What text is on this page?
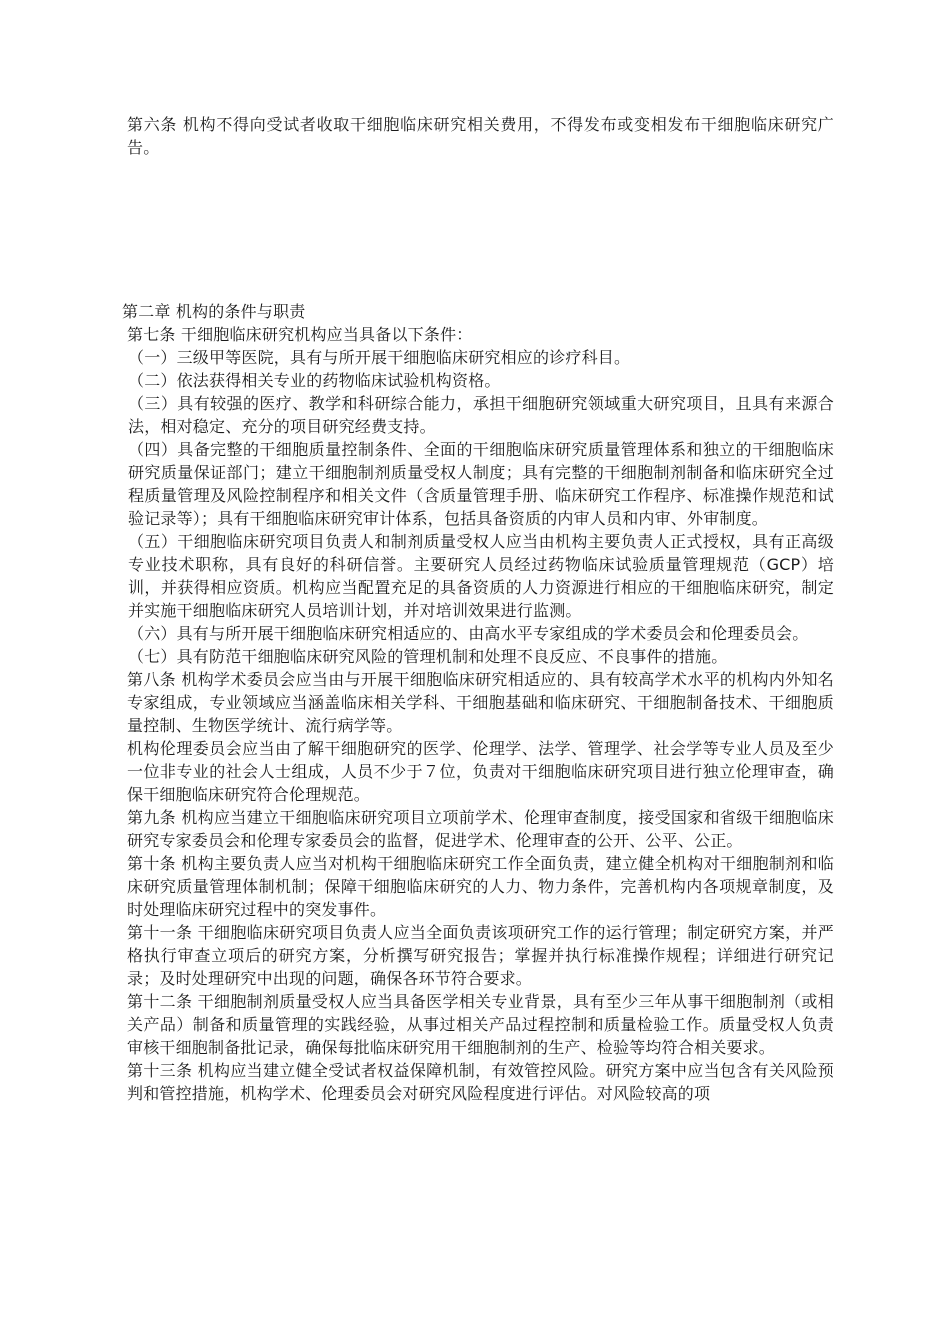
第六条 机构不得向受试者收取干细胞临床研究相关费用，不得发布或变相发布干细胞临床研究广告。

第二章 机构的条件与职责

第七条 干细胞临床研究机构应当具备以下条件：

（一）三级甲等医院，具有与所开展干细胞临床研究相应的诊疗科目。

（二）依法获得相关专业的药物临床试验机构资格。

（三）具有较强的医疗、教学和科研综合能力，承担干细胞研究领域重大研究项目，且具有来源合法，相对稳定、充分的项目研究经费支持。

（四）具备完整的干细胞质量控制条件、全面的干细胞临床研究质量管理体系和独立的干细胞临床研究质量保证部门；建立干细胞制剂质量受权人制度；具有完整的干细胞制剂制备和临床研究全过程质量管理及风险控制程序和相关文件（含质量管理手册、临床研究工作程序、标准操作规范和试验记录等）；具有干细胞临床研究审计体系，包括具备资质的内审人员和内审、外审制度。

（五）干细胞临床研究项目负责人和制剂质量受权人应当由机构主要负责人正式授权，具有正高级专业技术职称，具有良好的科研信誉。主要研究人员经过药物临床试验质量管理规范（GCP）培训，并获得相应资质。机构应当配置充足的具备资质的人力资源进行相应的干细胞临床研究，制定并实施干细胞临床研究人员培训计划，并对培训效果进行监测。

（六）具有与所开展干细胞临床研究相适应的、由高水平专家组成的学术委员会和伦理委员会。

（七）具有防范干细胞临床研究风险的管理机制和处理不良反应、不良事件的措施。

第八条 机构学术委员会应当由与开展干细胞临床研究相适应的、具有较高学术水平的机构内外知名专家组成，专业领域应当涵盖临床相关学科、干细胞基础和临床研究、干细胞制备技术、干细胞质量控制、生物医学统计、流行病学等。

机构伦理委员会应当由了解干细胞研究的医学、伦理学、法学、管理学、社会学等专业人员及至少一位非专业的社会人士组成，人员不少于７位，负责对干细胞临床研究项目进行独立伦理审查，确保干细胞临床研究符合伦理规范。

第九条 机构应当建立干细胞临床研究项目立项前学术、伦理审查制度，接受国家和省级干细胞临床研究专家委员会和伦理专家委员会的监督，促进学术、伦理审查的公开、公平、公正。

第十条 机构主要负责人应当对机构干细胞临床研究工作全面负责，建立健全机构对干细胞制剂和临床研究质量管理体制机制；保障干细胞临床研究的人力、物力条件，完善机构内各项规章制度，及时处理临床研究过程中的突发事件。

第十一条 干细胞临床研究项目负责人应当全面负责该项研究工作的运行管理；制定研究方案，并严格执行审查立项后的研究方案，分析撰写研究报告；掌握并执行标准操作规程；详细进行研究记录；及时处理研究中出现的问题，确保各环节符合要求。

第十二条 干细胞制剂质量受权人应当具备医学相关专业背景，具有至少三年从事干细胞制剂（或相关产品）制备和质量管理的实践经验，从事过相关产品过程控制和质量检验工作。质量受权人负责审核干细胞制备批记录，确保每批临床研究用干细胞制剂的生产、检验等均符合相关要求。

第十三条 机构应当建立健全受试者权益保障机制，有效管控风险。研究方案中应当包含有关风险预判和管控措施，机构学术、伦理委员会对研究风险程度进行评估。对风险较高的项
